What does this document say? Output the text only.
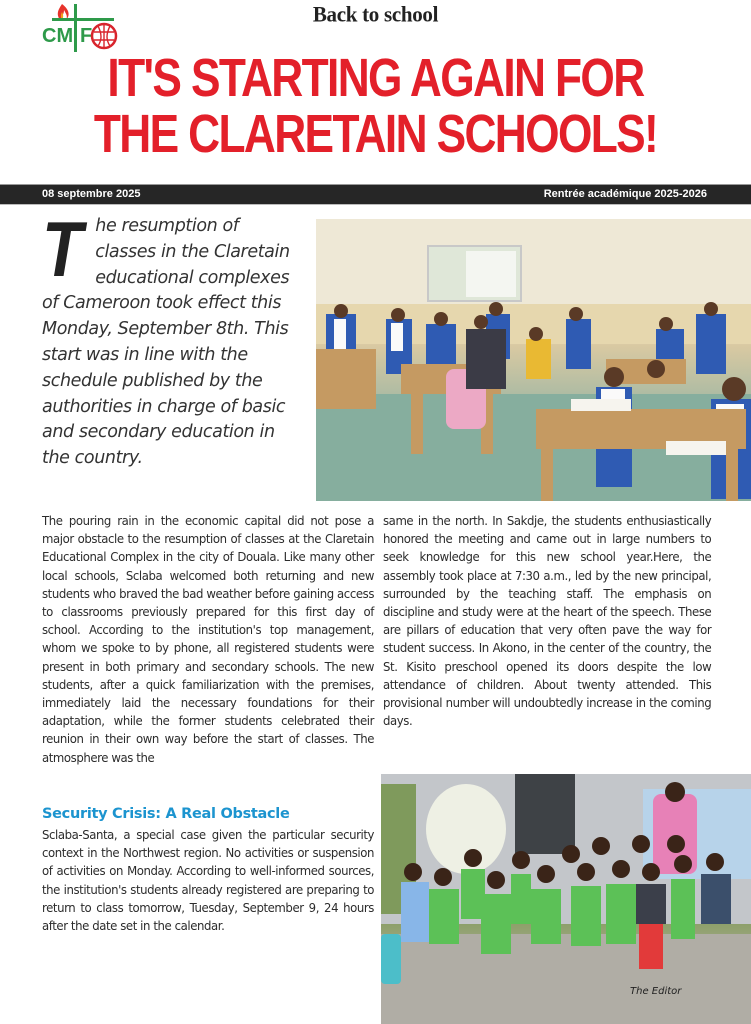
CM F
Back to school
IT'S STARTING AGAIN FOR
THE CLARETAIN SCHOOLS!
08 septembre 2025	Rentrée académique 2025-2026
T he resumption of classes in the Claretain educational complexes of Cameroon took effect this Monday, September 8th. This start was in line with the schedule published by the authorities in charge of basic and secondary education in the country.
The pouring rain in the economic capital did not pose a major obstacle to the resumption of classes at the Claretain Educational Complex in the city of Douala. Like many other local schools, Sclaba welcomed both returning and new students who braved the bad weather before gaining access to classrooms previously prepared for this first day of school. According to the institution's top management, whom we spoke to by phone, all registered students were present in both primary and secondary schools. The new students, after a quick familiarization with the premises, immediately laid the necessary foundations for their adaptation, while the former students celebrated their reunion in their own way before the start of classes. The atmosphere was the
same in the north. In Sakdje, the students enthusiastically honored the meeting and came out in large numbers to seek knowledge for this new school year.Here, the assembly took place at 7:30 a.m., led by the new principal, surrounded by the teaching staff. The emphasis on discipline and study were at the heart of the speech. These are pillars of education that very often pave the way for student success. In Akono, in the center of the country, the St. Kisito preschool opened its doors despite the low attendance of children. About twenty attended. This provisional number will undoubtedly increase in the coming days.
Security Crisis: A Real Obstacle
Sclaba-Santa, a special case given the particular security context in the Northwest region. No activities or suspension of activities on Monday. According to well-informed sources, the institution's students already registered are preparing to return to class tomorrow, Tuesday, September 9, 24 hours after the date set in the calendar.
The Editor
